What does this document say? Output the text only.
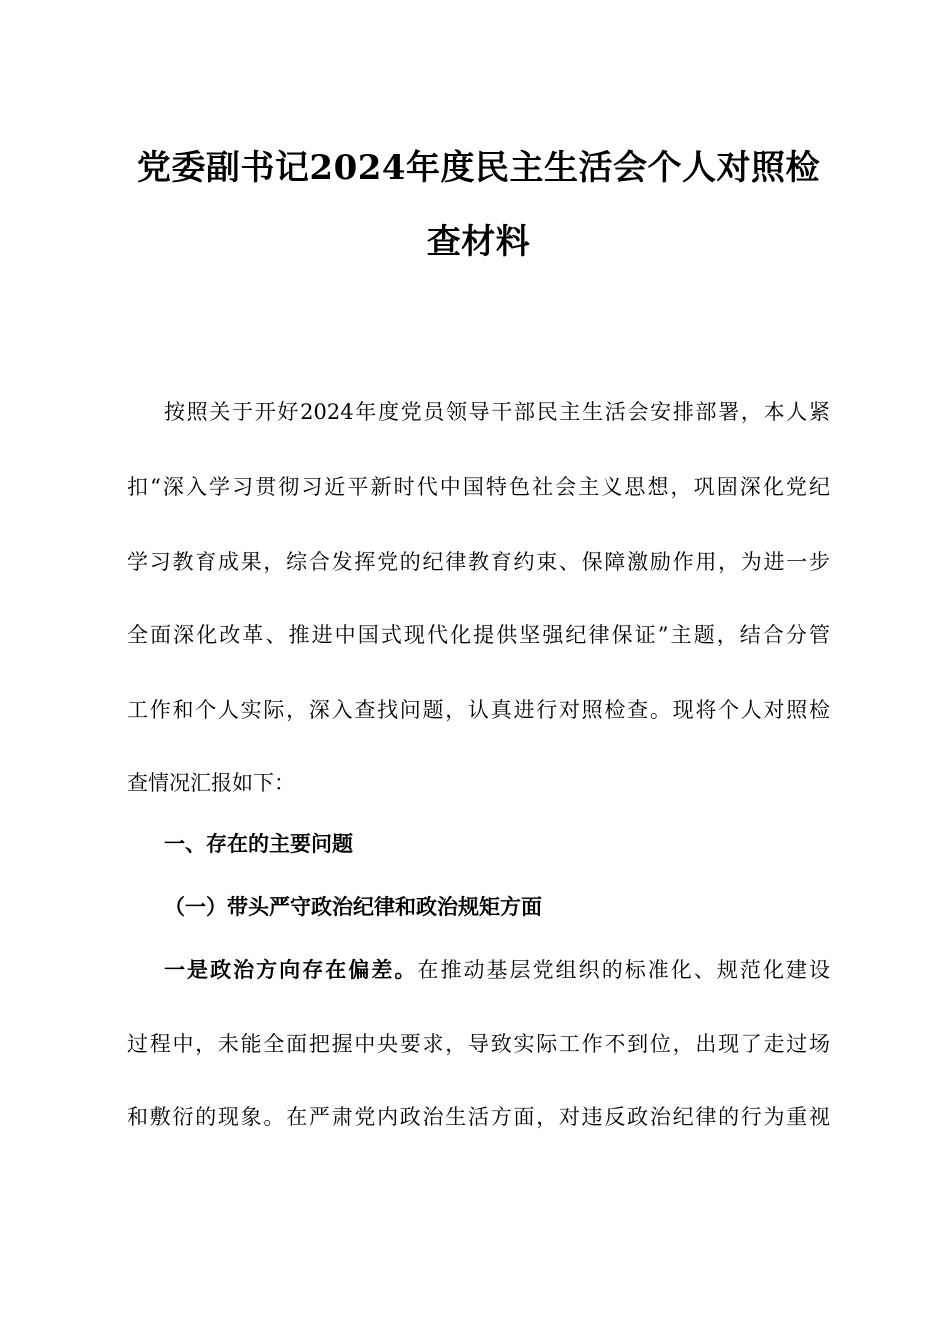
党委副书记2024年度民主生活会个人对照检
查材料
按照关于开好2024年度党员领导干部民主生活会安排部署，本人紧
扣“深入学习贯彻习近平新时代中国特色社会主义思想，巩固深化党纪
学习教育成果，综合发挥党的纪律教育约束、保障激励作用，为进一步
全面深化改革、推进中国式现代化提供坚强纪律保证”主题，结合分管
工作和个人实际，深入查找问题，认真进行对照检查。现将个人对照检
查情况汇报如下：
一、存在的主要问题
（一）带头严守政治纪律和政治规矩方面
一是政治方向存在偏差。在推动基层党组织的标准化、规范化建设
过程中，未能全面把握中央要求，导致实际工作不到位，出现了走过场
和敷衍的现象。在严肃党内政治生活方面，对违反政治纪律的行为重视
